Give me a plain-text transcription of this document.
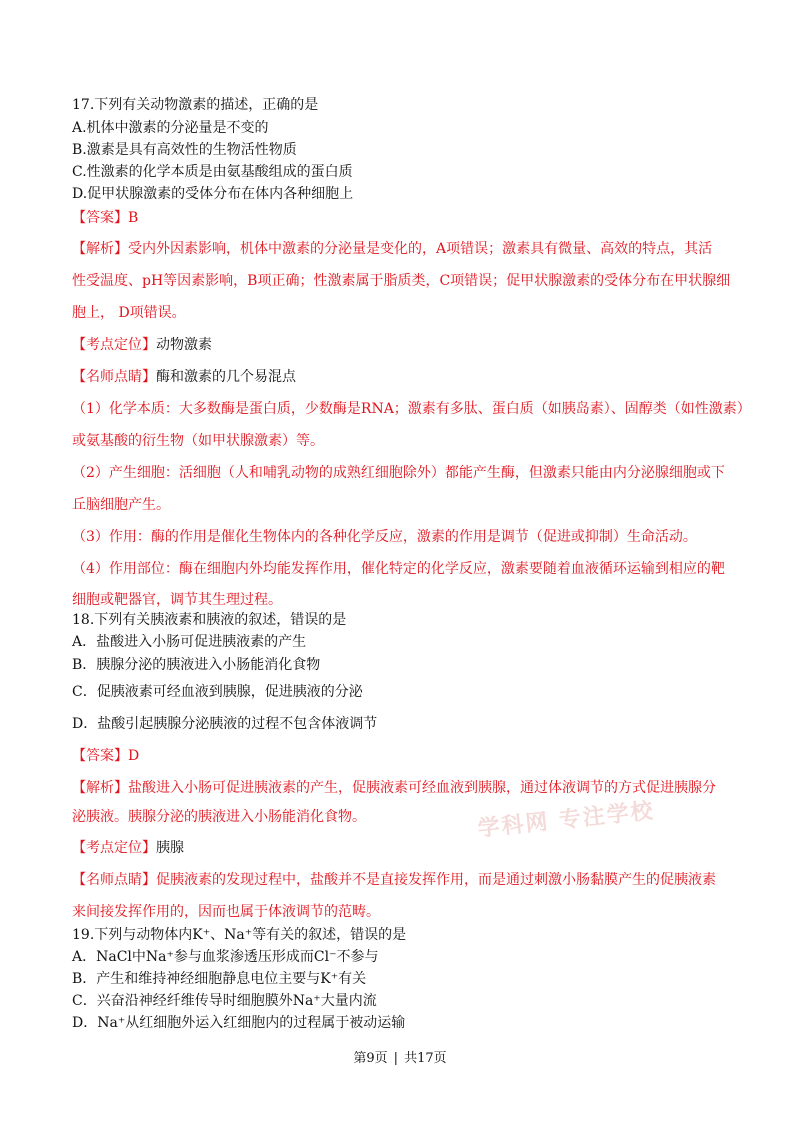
17.下列有关动物激素的描述，正确的是
A.机体中激素的分泌量是不变的
B.激素是具有高效性的生物活性物质
C.性激素的化学本质是由氨基酸组成的蛋白质
D.促甲状腺激素的受体分布在体内各种细胞上
【答案】B
【解析】受内外因素影响，机体中激素的分泌量是变化的，A项错误；激素具有微量、高效的特点，其活
性受温度、pH等因素影响，B项正确；性激素属于脂质类，C项错误；促甲状腺激素的受体分布在甲状腺细
胞上， D项错误。
【考点定位】动物激素
【名师点睛】酶和激素的几个易混点
（1）化学本质：大多数酶是蛋白质，少数酶是RNA；激素有多肽、蛋白质（如胰岛素）、固醇类（如性激素）
或氨基酸的衍生物（如甲状腺激素）等。
（2）产生细胞：活细胞（人和哺乳动物的成熟红细胞除外）都能产生酶，但激素只能由内分泌腺细胞或下
丘脑细胞产生。
（3）作用：酶的作用是催化生物体内的各种化学反应，激素的作用是调节（促进或抑制）生命活动。
（4）作用部位：酶在细胞内外均能发挥作用，催化特定的化学反应，激素要随着血液循环运输到相应的靶
细胞或靶器官，调节其生理过程。
18.下列有关胰液素和胰液的叙述，错误的是
A．盐酸进入小肠可促进胰液素的产生
B．胰腺分泌的胰液进入小肠能消化食物
C．促胰液素可经血液到胰腺，促进胰液的分泌
D．盐酸引起胰腺分泌胰液的过程不包含体液调节
【答案】D
学科网 专注学校
【解析】盐酸进入小肠可促进胰液素的产生，促胰液素可经血液到胰腺，通过体液调节的方式促进胰腺分
泌胰液。胰腺分泌的胰液进入小肠能消化食物。
【考点定位】胰腺
【名师点睛】促胰液素的发现过程中，盐酸并不是直接发挥作用，而是通过刺激小肠黏膜产生的促胰液素
来间接发挥作用的，因而也属于体液调节的范畴。
19.下列与动物体内K⁺、Na⁺等有关的叙述，错误的是
A．NaCl中Na⁺参与血浆渗透压形成而Cl⁻不参与
B．产生和维持神经细胞静息电位主要与K⁺有关
C．兴奋沿神经纤维传导时细胞膜外Na⁺大量内流
D．Na⁺从红细胞外运入红细胞内的过程属于被动运输
第9页 | 共17页
